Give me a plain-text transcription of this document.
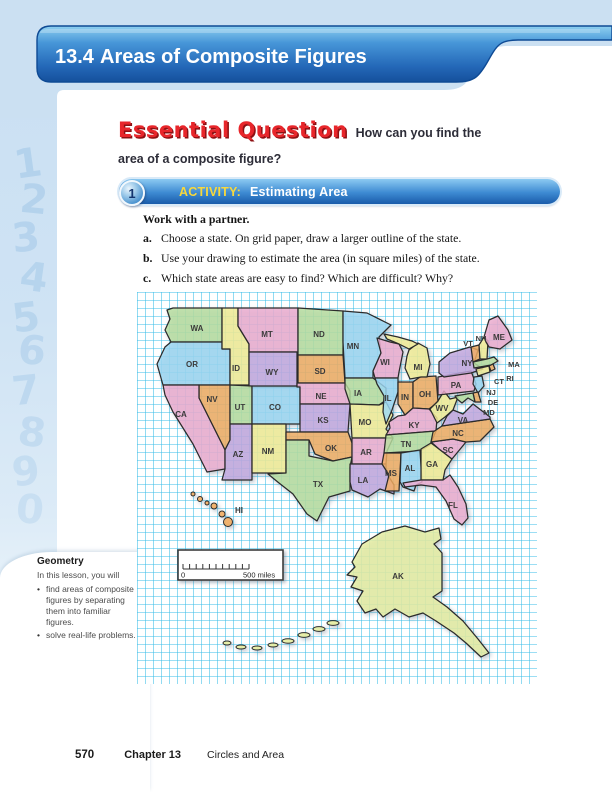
1
2
3
4
5
6
7
8
9
0
13.4 Areas of Composite Figures
Essential Question How can you find the area of a composite figure?
1	ACTIVITY: Estimating Area
Work with a partner.
a. Choose a state. On grid paper, draw a larger outline of the state.
b. Use your drawing to estimate the area (in square miles) of the state.
c. Which state areas are easy to find? Which are difficult? Why?
WA
OR	ID
MT
WY
ND
SD
MN
NV
UT	CO
CA
AZ NM
NE
KS
OK
TX
IA
MO
AR
LA
WI
IL IN OH
MI
KY
TN
MS
AL GA
FL
SC
NC
VA
WV
PA
NY
VT
NH ME
MA
RI
CT
NJ
DE
MD
AK
HI
0	500 miles
Geometry
In this lesson, you will
• find areas of composite figures by separating them into familiar figures.
• solve real-life problems.
570	Chapter 13 Circles and Area
